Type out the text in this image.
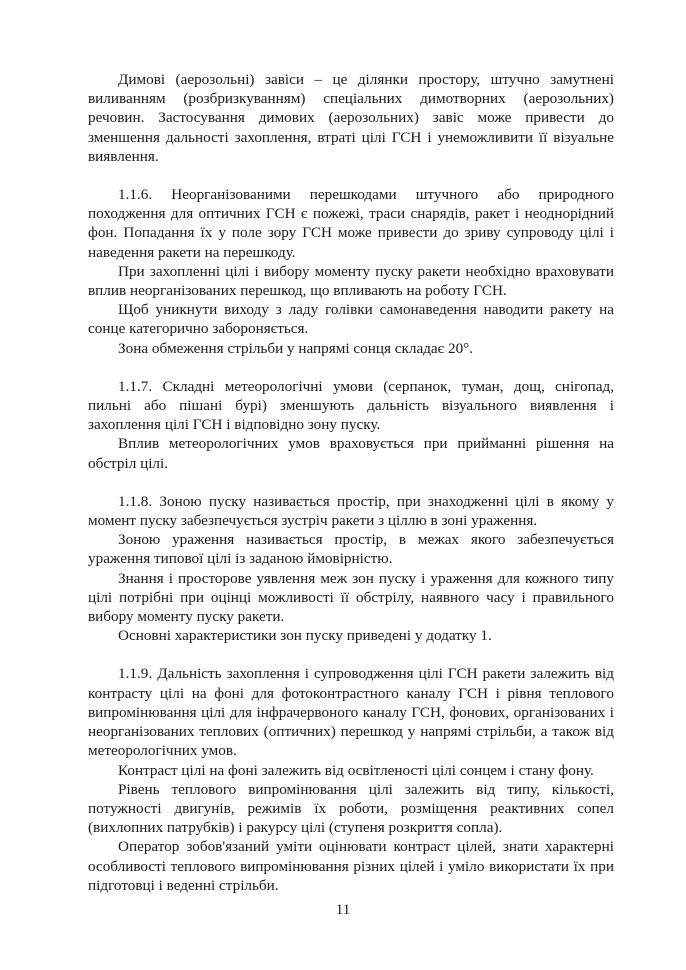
Димові (аерозольні) завіси – це ділянки простору, штучно замутнені виливанням (розбризкуванням) спеціальних димотворних (аерозольних) речовин. Застосування димових (аерозольних) завіс може привести до зменшення дальності захоплення, втраті цілі ГСН і унеможливити її візуальне виявлення.

1.1.6. Неорганізованими перешкодами штучного або природного походження для оптичних ГСН є пожежі, траси снарядів, ракет і неоднорідний фон. Попадання їх у поле зору ГСН може привести до зриву супроводу цілі і наведення ракети на перешкоду.

При захопленні цілі і вибору моменту пуску ракети необхідно враховувати вплив неорганізованих перешкод, що впливають на роботу ГСН.

Щоб уникнути виходу з ладу голівки самонаведення наводити ракету на сонце категорично забороняється.

Зона обмеження стрільби у напрямі сонця складає 20°.

1.1.7. Складні метеорологічні умови (серпанок, туман, дощ, снігопад, пильні або пішані бурі) зменшують дальність візуального виявлення і захоплення цілі ГСН і відповідно зону пуску.

Вплив метеорологічних умов враховується при прийманні рішення на обстріл цілі.

1.1.8. Зоною пуску називається простір, при знаходженні цілі в якому у момент пуску забезпечується зустріч ракети з ціллю в зоні ураження.

Зоною ураження називається простір, в межах якого забезпечується ураження типової цілі із заданою ймовірністю.

Знання і просторове уявлення меж зон пуску і ураження для кожного типу цілі потрібні при оцінці можливості її обстрілу, наявного часу і правильного вибору моменту пуску ракети.

Основні характеристики зон пуску приведені у додатку 1.

1.1.9. Дальність захоплення і супроводження цілі ГСН ракети залежить від контрасту цілі на фоні для фотоконтрастного каналу ГСН і рівня теплового випромінювання цілі для інфрачервоного каналу ГСН, фонових, організованих і неорганізованих теплових (оптичних) перешкод у напрямі стрільби, а також від метеорологічних умов.

Контраст цілі на фоні залежить від освітленості цілі сонцем і стану фону.

Рівень теплового випромінювання цілі залежить від типу, кількості, потужності двигунів, режимів їх роботи, розміщення реактивних сопел (вихлопних патрубків) і ракурсу цілі (ступеня розкриття сопла).

Оператор зобов'язаний уміти оцінювати контраст цілей, знати характерні особливості теплового випромінювання різних цілей і уміло використати їх при підготовці і веденні стрільби.

11
